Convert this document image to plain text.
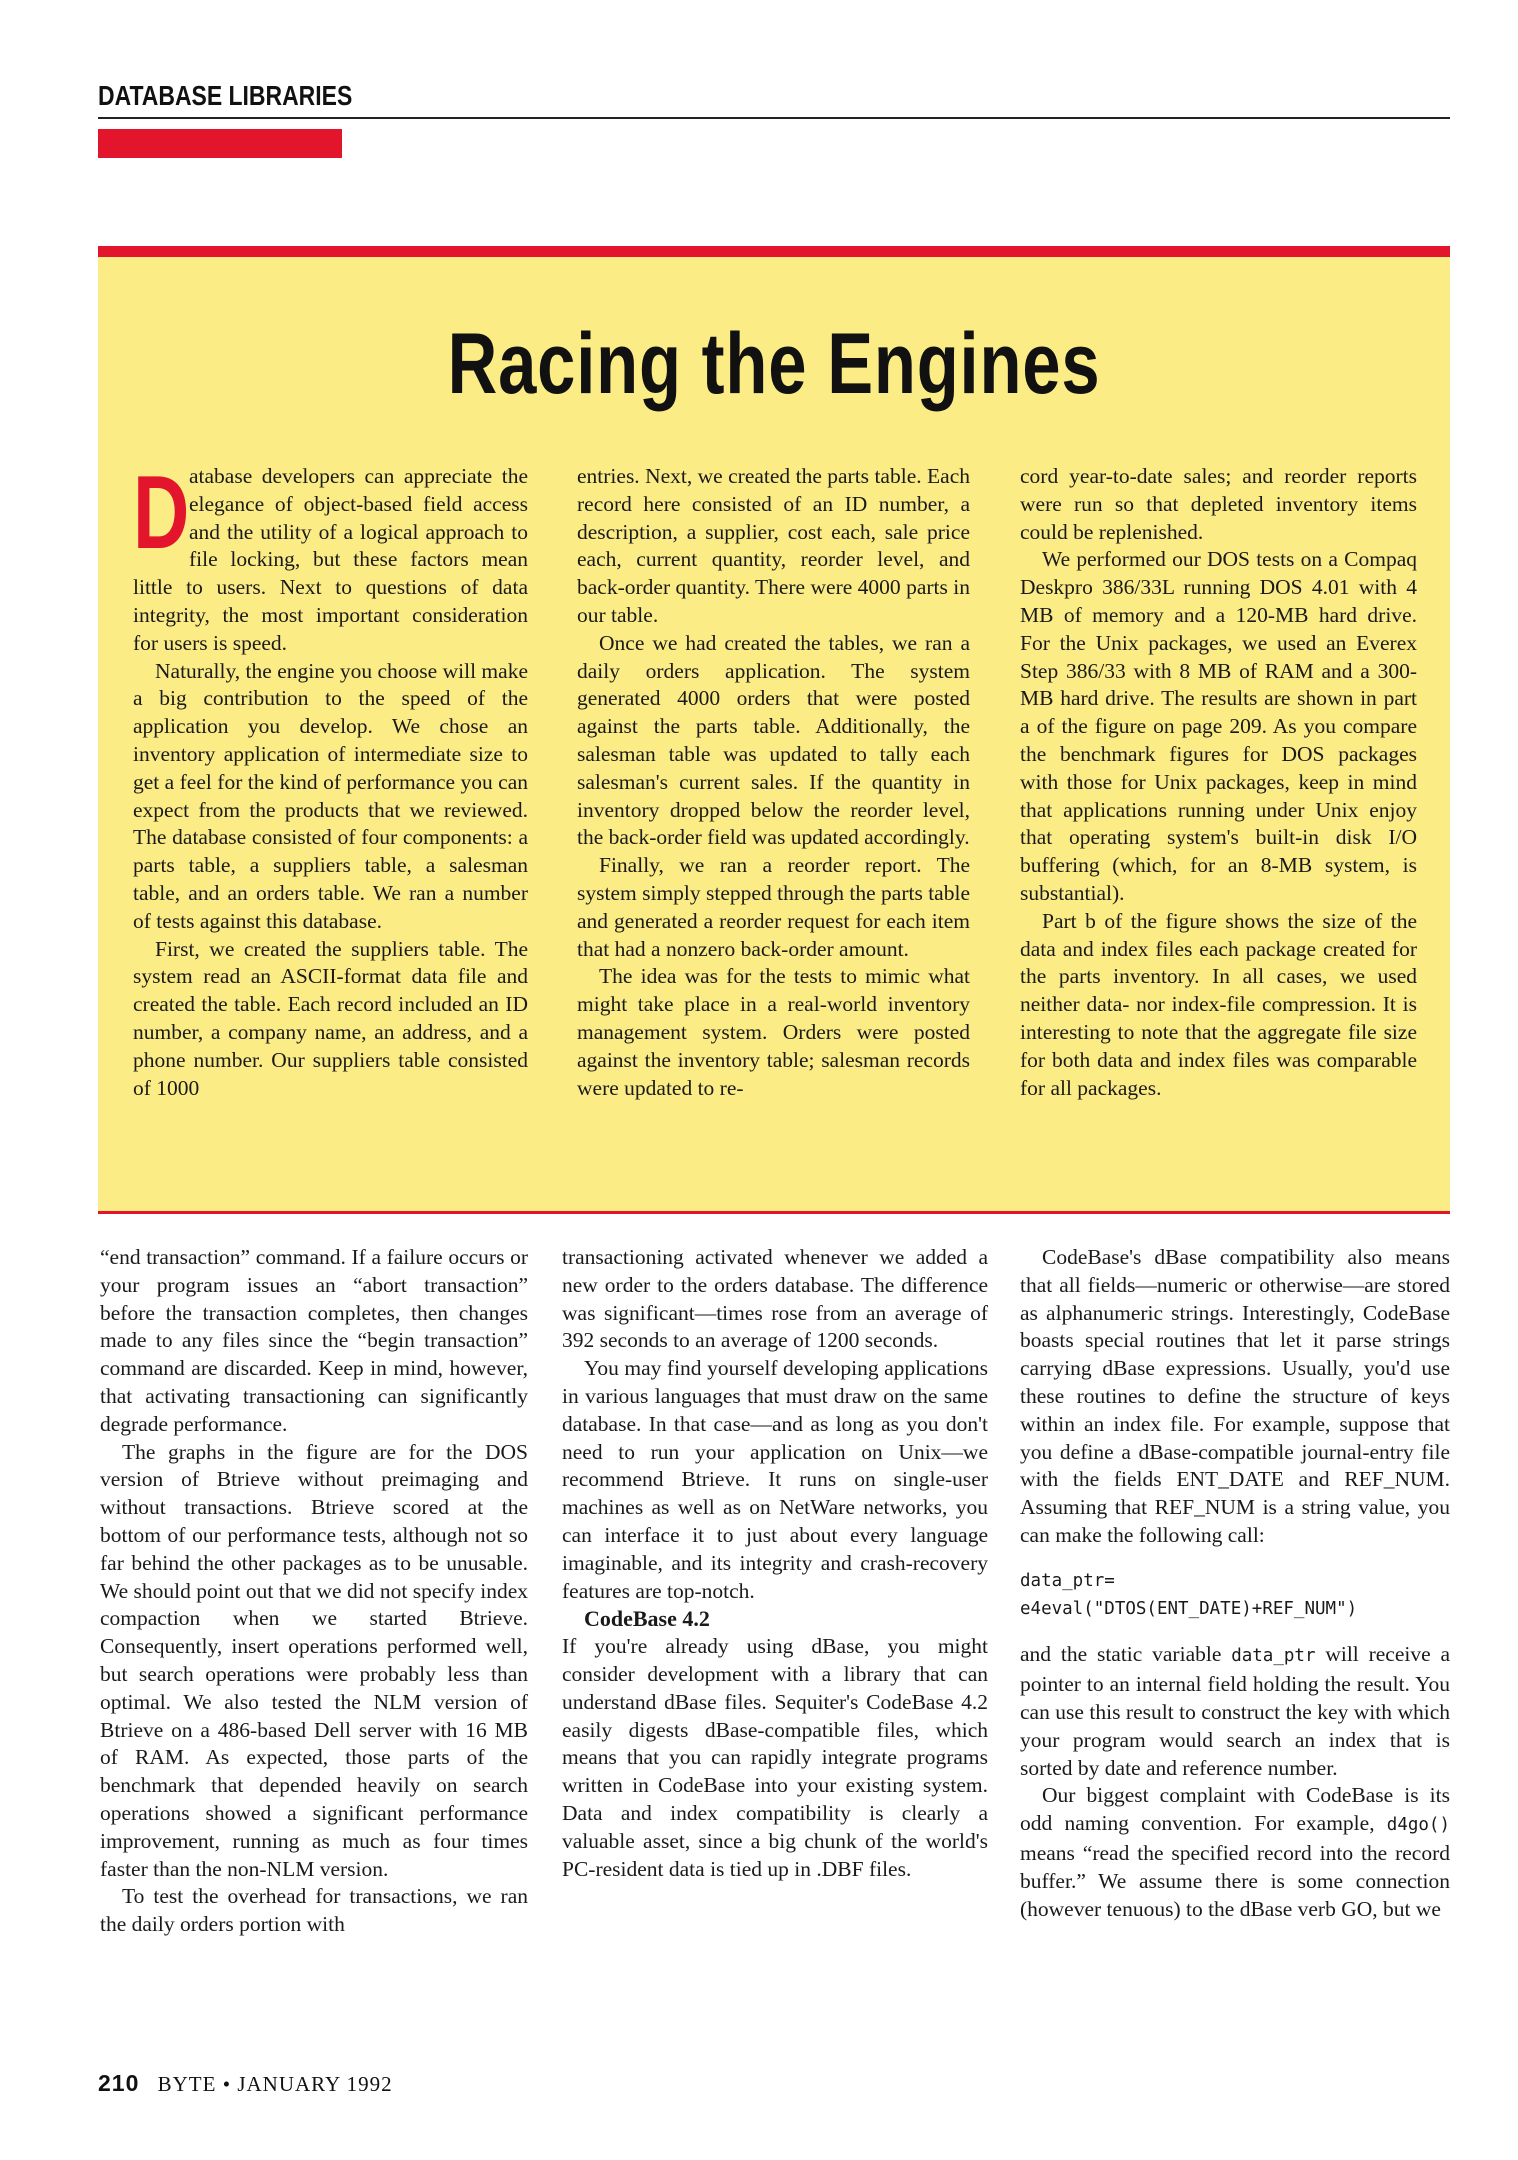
DATABASE LIBRARIES
Racing the Engines

Database developers can appreciate the elegance of object-based field access and the utility of a logical approach to file locking, but these factors mean little to users. Next to questions of data integrity, the most important consideration for users is speed.

Naturally, the engine you choose will make a big contribution to the speed of the application you develop. We chose an inventory application of intermediate size to get a feel for the kind of performance you can expect from the products that we reviewed. The database consisted of four components: a parts table, a suppliers table, a salesman table, and an orders table. We ran a number of tests against this database.

First, we created the suppliers table. The system read an ASCII-format data file and created the table. Each record included an ID number, a company name, an address, and a phone number. Our suppliers table consisted of 1000

entries. Next, we created the parts table. Each record here consisted of an ID number, a description, a supplier, cost each, sale price each, current quantity, reorder level, and back-order quantity. There were 4000 parts in our table.

Once we had created the tables, we ran a daily orders application. The system generated 4000 orders that were posted against the parts table. Additionally, the salesman table was updated to tally each salesman's current sales. If the quantity in inventory dropped below the reorder level, the back-order field was updated accordingly.

Finally, we ran a reorder report. The system simply stepped through the parts table and generated a reorder request for each item that had a nonzero back-order amount.

The idea was for the tests to mimic what might take place in a real-world inventory management system. Orders were posted against the inventory table; salesman records were updated to re-

cord year-to-date sales; and reorder reports were run so that depleted inventory items could be replenished.

We performed our DOS tests on a Compaq Deskpro 386/33L running DOS 4.01 with 4 MB of memory and a 120-MB hard drive. For the Unix packages, we used an Everex Step 386/33 with 8 MB of RAM and a 300-MB hard drive. The results are shown in part a of the figure on page 209. As you compare the benchmark figures for DOS packages with those for Unix packages, keep in mind that applications running under Unix enjoy that operating system's built-in disk I/O buffering (which, for an 8-MB system, is substantial).

Part b of the figure shows the size of the data and index files each package created for the parts inventory. In all cases, we used neither data- nor index-file compression. It is interesting to note that the aggregate file size for both data and index files was comparable for all packages.

“end transaction” command. If a failure occurs or your program issues an “abort transaction” before the transaction completes, then changes made to any files since the “begin transaction” command are discarded. Keep in mind, however, that activating transactioning can significantly degrade performance.

The graphs in the figure are for the DOS version of Btrieve without preimaging and without transactions. Btrieve scored at the bottom of our performance tests, although not so far behind the other packages as to be unusable. We should point out that we did not specify index compaction when we started Btrieve. Consequently, insert operations performed well, but search operations were probably less than optimal. We also tested the NLM version of Btrieve on a 486-based Dell server with 16 MB of RAM. As expected, those parts of the benchmark that depended heavily on search operations showed a significant performance improvement, running as much as four times faster than the non-NLM version.

To test the overhead for transactions, we ran the daily orders portion with

transactioning activated whenever we added a new order to the orders database. The difference was significant—times rose from an average of 392 seconds to an average of 1200 seconds.

You may find yourself developing applications in various languages that must draw on the same database. In that case—and as long as you don't need to run your application on Unix—we recommend Btrieve. It runs on single-user machines as well as on NetWare networks, you can interface it to just about every language imaginable, and its integrity and crash-recovery features are top-notch.

CodeBase 4.2

If you're already using dBase, you might consider development with a library that can understand dBase files. Sequiter's CodeBase 4.2 easily digests dBase-compatible files, which means that you can rapidly integrate programs written in CodeBase into your existing system. Data and index compatibility is clearly a valuable asset, since a big chunk of the world's PC-resident data is tied up in .DBF files.

CodeBase's dBase compatibility also means that all fields—numeric or otherwise—are stored as alphanumeric strings. Interestingly, CodeBase boasts special routines that let it parse strings carrying dBase expressions. Usually, you'd use these routines to define the structure of keys within an index file. For example, suppose that you define a dBase-compatible journal-entry file with the fields ENT_DATE and REF_NUM. Assuming that REF_NUM is a string value, you can make the following call:

data_ptr=
e4eval("DTOS(ENT_DATE)+REF_NUM")

and the static variable data_ptr will receive a pointer to an internal field holding the result. You can use this result to construct the key with which your program would search an index that is sorted by date and reference number.

Our biggest complaint with CodeBase is its odd naming convention. For example, d4go() means “read the specified record into the record buffer.” We assume there is some connection (however tenuous) to the dBase verb GO, but we

210 BYTE • JANUARY 1992
